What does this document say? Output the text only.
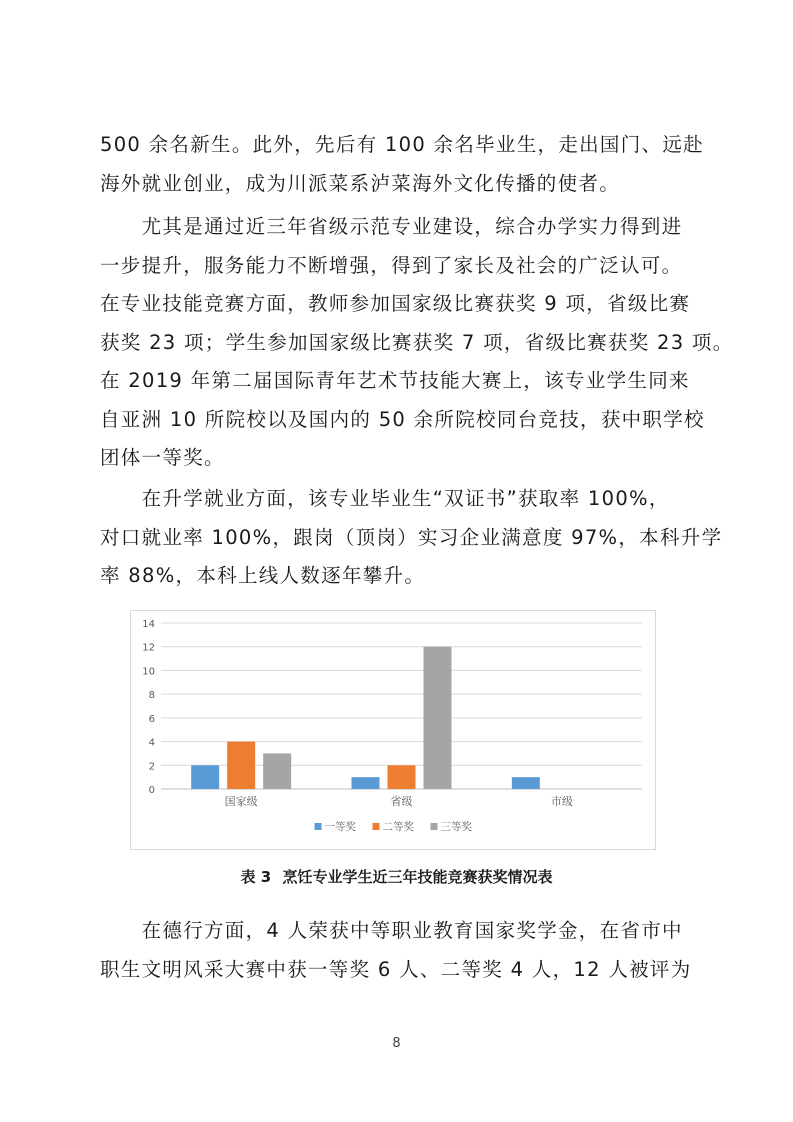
500 余名新生。此外，先后有 100 余名毕业生，走出国门、远赴
海外就业创业，成为川派菜系泸菜海外文化传播的使者。
　　尤其是通过近三年省级示范专业建设，综合办学实力得到进
一步提升，服务能力不断增强，得到了家长及社会的广泛认可。
在专业技能竞赛方面，教师参加国家级比赛获奖 9 项，省级比赛
获奖 23 项；学生参加国家级比赛获奖 7 项，省级比赛获奖 23 项。
在 2019 年第二届国际青年艺术节技能大赛上，该专业学生同来
自亚洲 10 所院校以及国内的 50 余所院校同台竞技，获中职学校
团体一等奖。
　　在升学就业方面，该专业毕业生“双证书”获取率 100%，
对口就业率 100%，跟岗（顶岗）实习企业满意度 97%，本科升学
率 88%，本科上线人数逐年攀升。
0
2
4
6
8
10
12
14
国家级	省级	市级
一等奖	二等奖	三等奖
表 3 烹饪专业学生近三年技能竞赛获奖情况表
　　在德行方面，4 人荣获中等职业教育国家奖学金，在省市中
职生文明风采大赛中获一等奖 6 人、二等奖 4 人，12 人被评为
8
